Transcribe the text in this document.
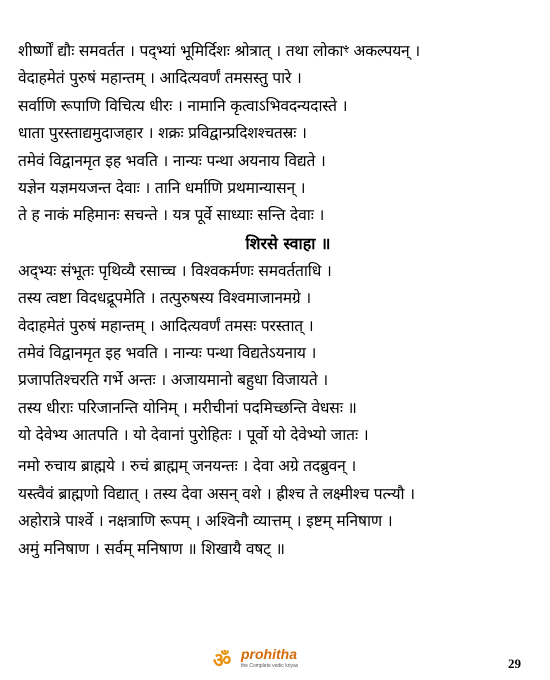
शीर्ष्णों द्यौः समवर्तत । पद्भ्यां भूमिर्दिशः श्रोत्रात् । तथा लोकाꣳ अकल्पयन् ।
वेदाहमेतं पुरुषं महान्तम् । आदित्यवर्णं तमसस्तु पारे ।
सर्वाणि रूपाणि विचित्य धीरः । नामानि कृत्वाऽभिवदन्यदास्ते ।
धाता पुरस्ताद्यमुदाजहार । शक्रः प्रविद्वान्प्रदिशश्चतस्रः ।
तमेवं विद्वानमृत इह भवति । नान्यः पन्था अयनाय विद्यते ।
यज्ञेन यज्ञमयजन्त देवाः । तानि धर्माणि प्रथमान्यासन् ।
ते ह नाकं महिमानः सचन्ते । यत्र पूर्वे साध्याः सन्ति देवाः ।
शिरसे स्वाहा ॥
अद्भ्यः संभूतः पृथिव्यै रसाच्च । विश्वकर्मणः समवर्तताधि ।
तस्य त्वष्टा विदधद्रूपमेति । तत्पुरुषस्य विश्वमाजानमग्रे ।
वेदाहमेतं पुरुषं महान्तम् । आदित्यवर्णं तमसः परस्तात् ।
तमेवं विद्वानमृत इह भवति । नान्यः पन्था विद्यतेऽयनाय ।
प्रजापतिश्चरति गर्भे अन्तः । अजायमानो बहुधा विजायते ।
तस्य धीराः परिजानन्ति योनिम् । मरीचीनां पदमिच्छन्ति वेधसः ॥
यो देवेभ्य आतपति । यो देवानां पुरोहितः । पूर्वो यो देवेभ्यो जातः ।
नमो रुचाय ब्राह्मये । रुचं ब्राह्मम् जनयन्तः । देवा अग्रे तदब्रुवन् ।
यस्त्वैवं ब्राह्मणो विद्यात् । तस्य देवा असन् वशे । ह्रीश्च ते लक्ष्मीश्च पत्न्यौ ।
अहोरात्रे पार्श्वे । नक्षत्राणि रूपम् । अश्विनौ व्यात्तम् । इष्टम् मनिषाण ।
अमुं मनिषाण । सर्वम् मनिषाण ॥ शिखायै वषट् ॥
ॐ prohitha
the Complete vedic kriyas	29
